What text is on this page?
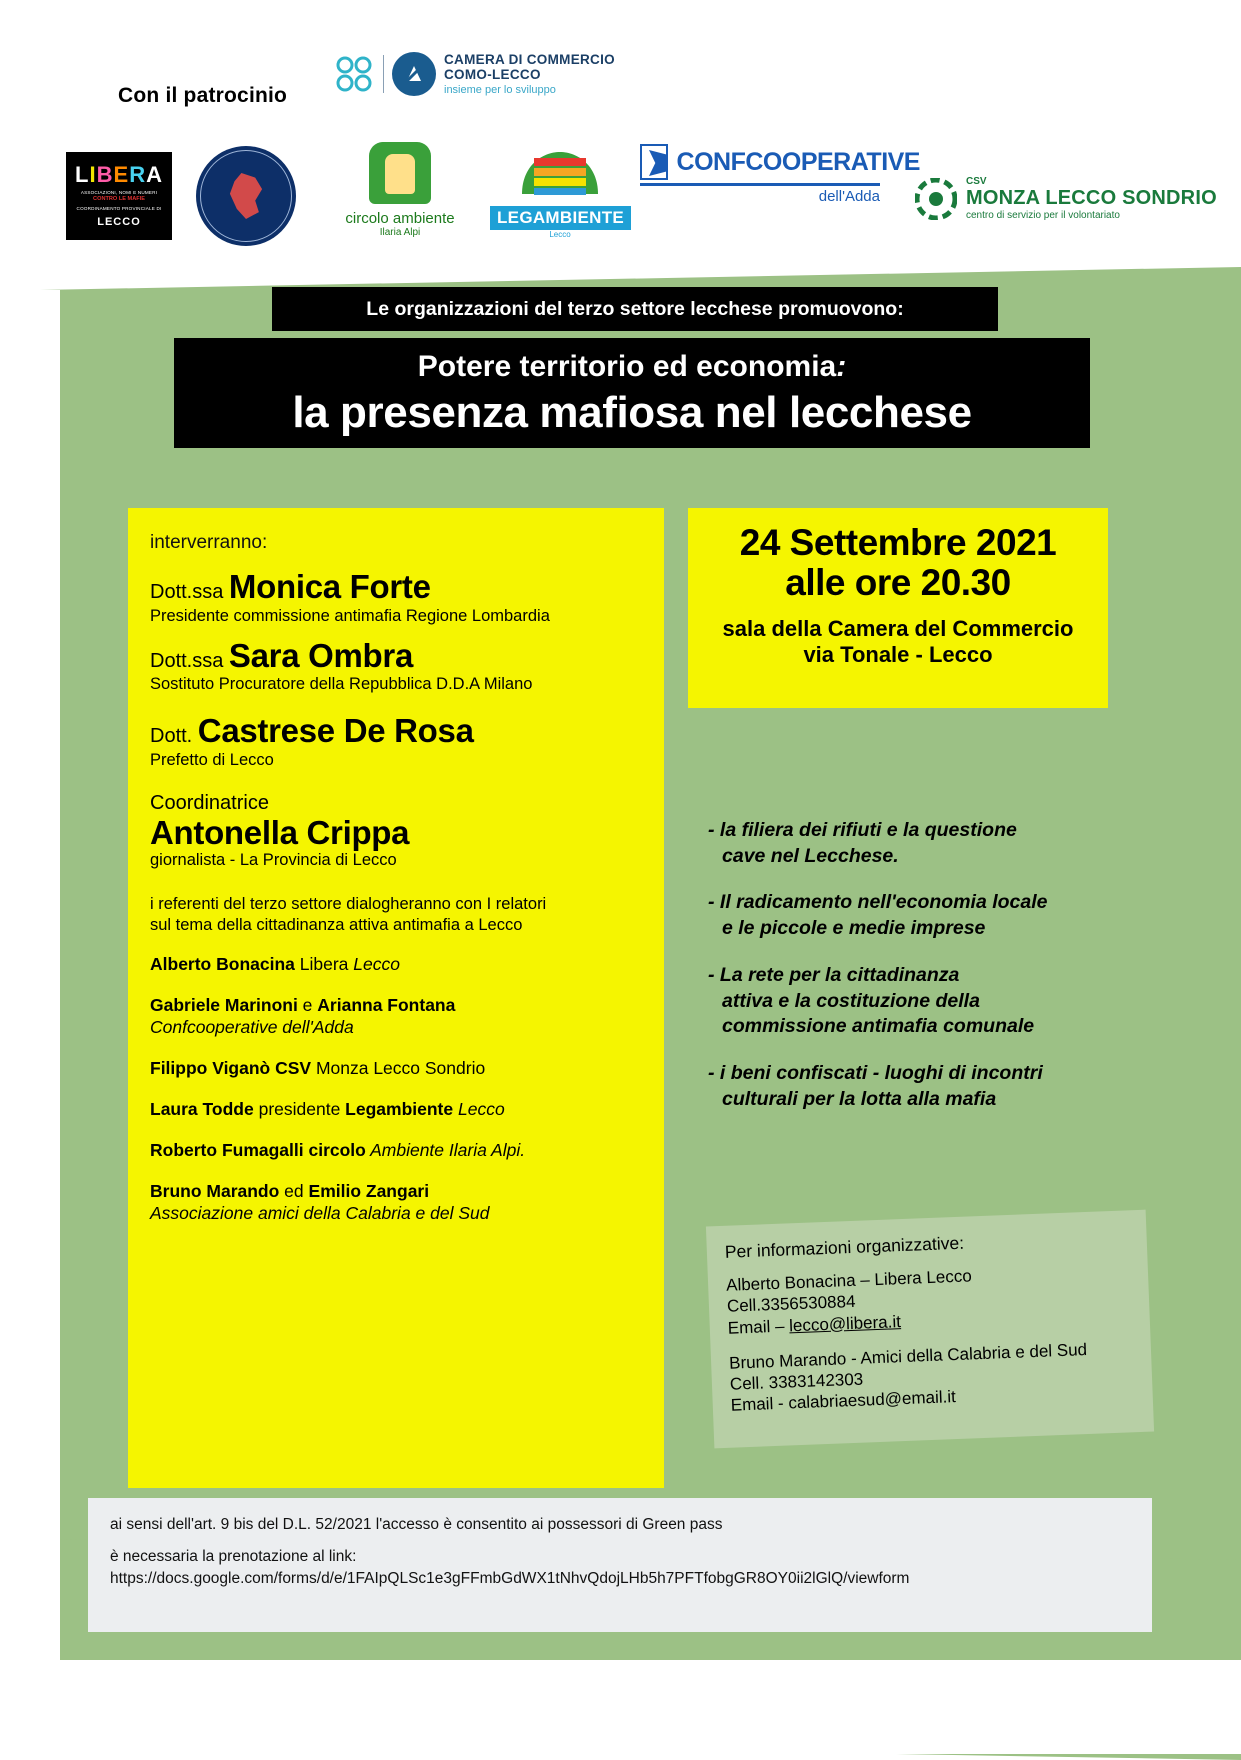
Con il patrocinio
CAMERA DI COMMERCIO
COMO-LECCO
insieme per lo sviluppo
LIBERA
ASSOCIAZIONI, NOMI E NUMERI
CONTRO LE MAFIE
COORDINAMENTO PROVINCIALE DI
LECCO	circolo ambiente
Ilaria Alpi
LEGAMBIENTE
Lecco
CONFCOOPERATIVE
dell'Adda
CSV
MONZA LECCO SONDRIO
centro di servizio per il volontariato
Le organizzazioni del terzo settore lecchese promuovono:
Potere territorio ed economia:
la presenza mafiosa nel lecchese
interverranno:
Dott.ssa Monica Forte
Presidente commissione antimafia Regione Lombardia
Dott.ssa Sara Ombra
Sostituto Procuratore della Repubblica D.D.A Milano
Dott. Castrese De Rosa
Prefetto di Lecco
Coordinatrice
Antonella Crippa
giornalista - La Provincia di Lecco
i referenti del terzo settore dialogheranno con I relatori
sul tema della cittadinanza attiva antimafia a Lecco
Alberto Bonacina Libera Lecco
Gabriele Marinoni e Arianna Fontana
Confcooperative dell'Adda
Filippo Viganò CSV Monza Lecco Sondrio
Laura Todde presidente Legambiente Lecco
Roberto Fumagalli circolo Ambiente Ilaria Alpi.
Bruno Marando ed Emilio Zangari
Associazione amici della Calabria e del Sud
24 Settembre 2021
alle ore 20.30
sala della Camera del Commercio
via Tonale - Lecco
- la filiera dei rifiuti e la questione
cave nel Lecchese.
- Il radicamento nell'economia locale
e le piccole e medie imprese
- La rete per la cittadinanza
attiva e la costituzione della
commissione antimafia comunale
- i beni confiscati - luoghi di incontri
culturali per la lotta alla mafia
Per informazioni organizzative:
Alberto Bonacina – Libera Lecco
Cell.3356530884
Email – lecco@libera.it
Bruno Marando - Amici della Calabria e del Sud
Cell. 3383142303
Email - calabriaesud@email.it

ai sensi dell'art. 9 bis del D.L. 52/2021 l'accesso è consentito ai possessori di Green pass

è necessaria la prenotazione al link:

https://docs.google.com/forms/d/e/1FAIpQLSc1e3gFFmbGdWX1tNhvQdojLHb5h7PFTfobgGR8OY0ii2lGlQ/viewform
